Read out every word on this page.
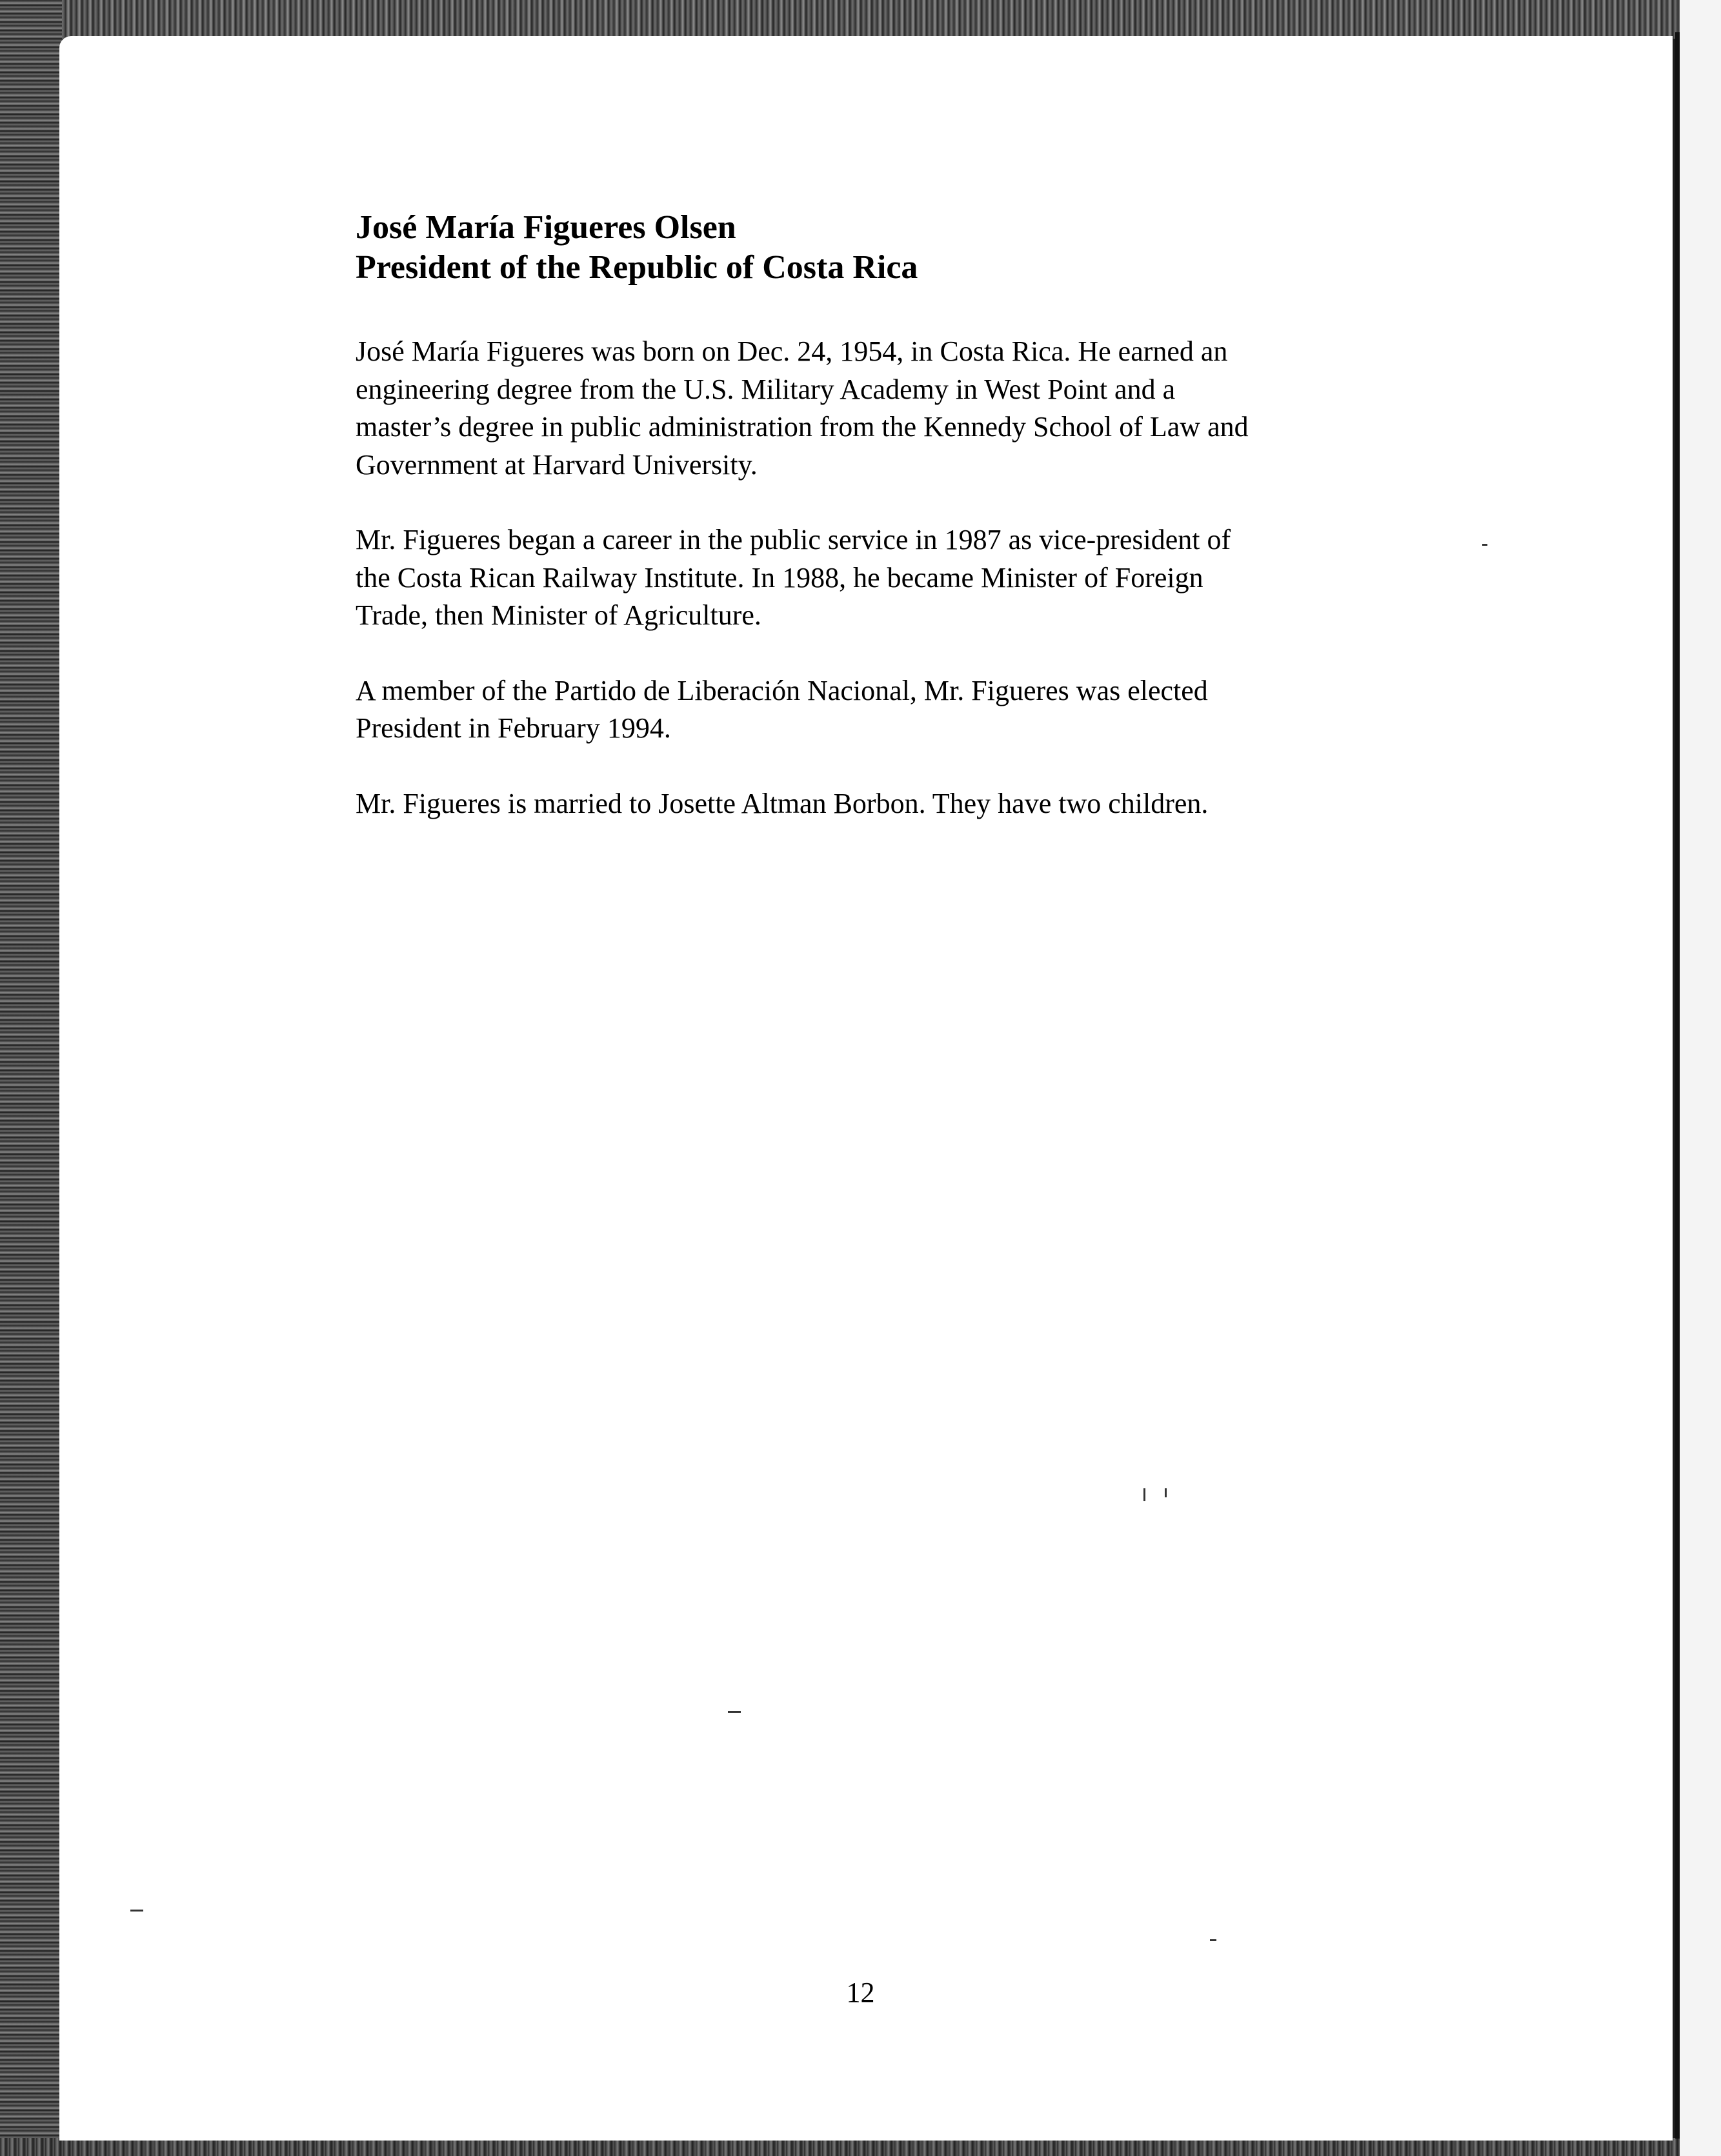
José María Figueres Olsen
President of the Republic of Costa Rica

José María Figueres was born on Dec. 24, 1954, in Costa Rica. He earned an
engineering degree from the U.S. Military Academy in West Point and a
master’s degree in public administration from the Kennedy School of Law and
Government at Harvard University.

Mr. Figueres began a career in the public service in 1987 as vice-president of
the Costa Rican Railway Institute. In 1988, he became Minister of Foreign
Trade, then Minister of Agriculture.

A member of the Partido de Liberación Nacional, Mr. Figueres was elected
President in February 1994.

Mr. Figueres is married to Josette Altman Borbon. They have two children.

12
